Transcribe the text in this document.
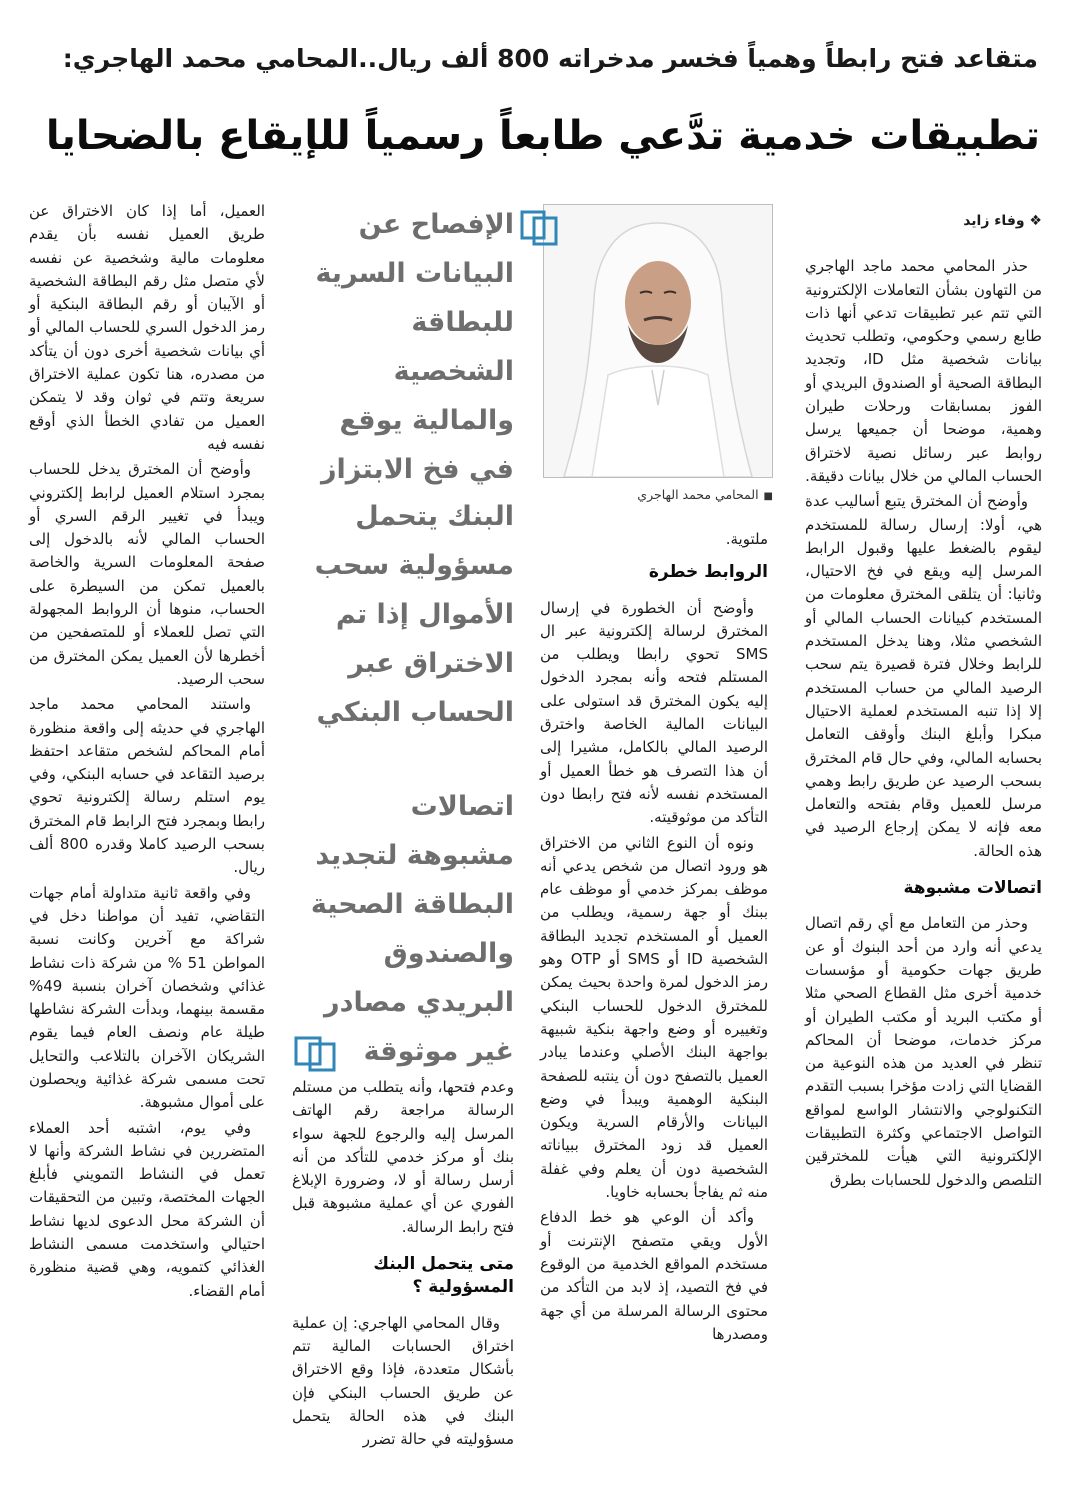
متقاعد فتح رابطاً وهمياً فخسر مدخراته 800 ألف ريال..المحامي محمد الهاجري:
تطبيقات خدمية تدَّعي طابعاً رسمياً للإيقاع بالضحايا
❖ وفاء زايد

حذر المحامي محمد ماجد الهاجري من التهاون بشأن التعاملات الإلكترونية التي تتم عبر تطبيقات تدعي أنها ذات طابع رسمي وحكومي، وتطلب تحديث بيانات شخصية مثل ID، وتجديد البطاقة الصحية أو الصندوق البريدي أو الفوز بمسابقات ورحلات طيران وهمية، موضحا أن جميعها يرسل روابط عبر رسائل نصية لاختراق الحساب المالي من خلال بيانات دقيقة.

وأوضح أن المخترق يتبع أساليب عدة هي، أولا: إرسال رسالة للمستخدم ليقوم بالضغط عليها وقبول الرابط المرسل إليه ويقع في فخ الاحتيال، وثانيا: أن يتلقى المخترق معلومات من المستخدم كبيانات الحساب المالي أو الشخصي مثلا، وهنا يدخل المستخدم للرابط وخلال فترة قصيرة يتم سحب الرصيد المالي من حساب المستخدم إلا إذا تنبه المستخدم لعملية الاحتيال مبكرا وأبلغ البنك وأوقف التعامل بحسابه المالي، وفي حال قام المخترق بسحب الرصيد عن طريق رابط وهمي مرسل للعميل وقام بفتحه والتعامل معه فإنه لا يمكن إرجاع الرصيد في هذه الحالة.

اتصالات مشبوهة

وحذر من التعامل مع أي رقم اتصال يدعي أنه وارد من أحد البنوك أو عن طريق جهات حكومية أو مؤسسات خدمية أخرى مثل القطاع الصحي مثلا أو مكتب البريد أو مكتب الطيران أو مركز خدمات، موضحا أن المحاكم تنظر في العديد من هذه النوعية من القضايا التي زادت مؤخرا بسبب التقدم التكنولوجي والانتشار الواسع لمواقع التواصل الاجتماعي وكثرة التطبيقات الإلكترونية التي هيأت للمخترقين التلصص والدخول للحسابات بطرق

■المحامي محمد الهاجري

ملتوية.

الروابط خطرة

وأوضح أن الخطورة في إرسال المخترق لرسالة إلكترونية عبر ال SMS تحوي رابطا ويطلب من المستلم فتحه وأنه بمجرد الدخول إليه يكون المخترق قد استولى على البيانات المالية الخاصة واخترق الرصيد المالي بالكامل، مشيرا إلى أن هذا التصرف هو خطأ العميل أو المستخدم نفسه لأنه فتح رابطا دون التأكد من موثوقيته.

ونوه أن النوع الثاني من الاختراق هو ورود اتصال من شخص يدعي أنه موظف بمركز خدمي أو موظف عام ببنك أو جهة رسمية، ويطلب من العميل أو المستخدم تجديد البطاقة الشخصية ID أو SMS أو OTP وهو رمز الدخول لمرة واحدة بحيث يمكن للمخترق الدخول للحساب البنكي وتغييره أو وضع واجهة بنكية شبيهة بواجهة البنك الأصلي وعندما يبادر العميل بالتصفح دون أن ينتبه للصفحة البنكية الوهمية ويبدأ في وضع البيانات والأرقام السرية ويكون العميل قد زود المخترق ببياناته الشخصية دون أن يعلم وفي غفلة منه ثم يفاجأ بحسابه خاويا.

وأكد أن الوعي هو خط الدفاع الأول ويقي متصفح الإنترنت أو مستخدم المواقع الخدمية من الوقوع في فخ التصيد، إذ لابد من التأكد من محتوى الرسالة المرسلة من أي جهة ومصدرها

الإفصاح عن البيانات السرية للبطاقة الشخصية والمالية يوقع في فخ الابتزاز
البنك يتحمل مسؤولية سحب الأموال إذا تم الاختراق عبر الحساب البنكي
اتصالات مشبوهة لتجديد البطاقة الصحية والصندوق البريدي مصادر غير موثوقة

وعدم فتحها، وأنه يتطلب من مستلم الرسالة مراجعة رقم الهاتف المرسل إليه والرجوع للجهة سواء بنك أو مركز خدمي للتأكد من أنه أرسل رسالة أو لا، وضرورة الإبلاغ الفوري عن أي عملية مشبوهة قبل فتح رابط الرسالة.

متى يتحمل البنك المسؤولية ؟

وقال المحامي الهاجري: إن عملية اختراق الحسابات المالية تتم بأشكال متعددة، فإذا وقع الاختراق عن طريق الحساب البنكي فإن البنك في هذه الحالة يتحمل مسؤوليته في حالة تضرر

العميل، أما إذا كان الاختراق عن طريق العميل نفسه بأن يقدم معلومات مالية وشخصية عن نفسه لأي متصل مثل رقم البطاقة الشخصية أو الآيبان أو رقم البطاقة البنكية أو رمز الدخول السري للحساب المالي أو أي بيانات شخصية أخرى دون أن يتأكد من مصدره، هنا تكون عملية الاختراق سريعة وتتم في ثوان وقد لا يتمكن العميل من تفادي الخطأ الذي أوقع نفسه فيه

وأوضح أن المخترق يدخل للحساب بمجرد استلام العميل لرابط إلكتروني ويبدأ في تغيير الرقم السري أو الحساب المالي لأنه بالدخول إلى صفحة المعلومات السرية والخاصة بالعميل تمكن من السيطرة على الحساب، منوها أن الروابط المجهولة التي تصل للعملاء أو للمتصفحين من أخطرها لأن العميل يمكن المخترق من سحب الرصيد.

واستند المحامي محمد ماجد الهاجري في حديثه إلى واقعة منظورة أمام المحاكم لشخص متقاعد احتفظ برصيد التقاعد في حسابه البنكي، وفي يوم استلم رسالة إلكترونية تحوي رابطا وبمجرد فتح الرابط قام المخترق بسحب الرصيد كاملا وقدره 800 ألف ريال.

وفي واقعة ثانية متداولة أمام جهات التقاضي، تفيد أن مواطنا دخل في شراكة مع آخرين وكانت نسبة المواطن 51 % من شركة ذات نشاط غذائي وشخصان آخران بنسبة 49% مقسمة بينهما، وبدأت الشركة نشاطها طيلة عام ونصف العام فيما يقوم الشريكان الآخران بالتلاعب والتحايل تحت مسمى شركة غذائية ويحصلون على أموال مشبوهة.

وفي يوم، اشتبه أحد العملاء المتضررين في نشاط الشركة وأنها لا تعمل في النشاط التمويني فأبلغ الجهات المختصة، وتبين من التحقيقات أن الشركة محل الدعوى لديها نشاط احتيالي واستخدمت مسمى النشاط الغذائي كتمويه، وهي قضية منظورة أمام القضاء.
